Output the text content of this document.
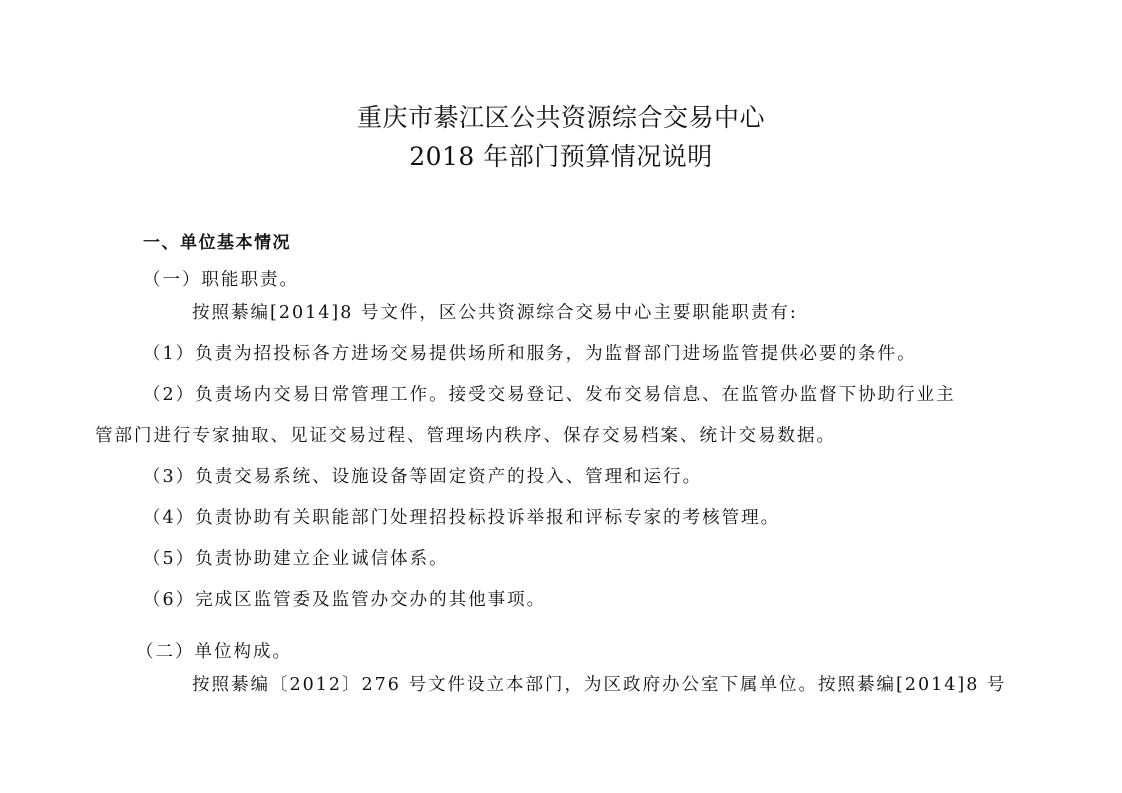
重庆市綦江区公共资源综合交易中心
2018 年部门预算情况说明
一、单位基本情况
（一）职能职责。
按照綦编[2014]8 号文件，区公共资源综合交易中心主要职能职责有:
（1）负责为招投标各方进场交易提供场所和服务，为监督部门进场监管提供必要的条件。
（2）负责场内交易日常管理工作。接受交易登记、发布交易信息、在监管办监督下协助行业主
管部门进行专家抽取、见证交易过程、管理场内秩序、保存交易档案、统计交易数据。
（3）负责交易系统、设施设备等固定资产的投入、管理和运行。
（4）负责协助有关职能部门处理招投标投诉举报和评标专家的考核管理。
（5）负责协助建立企业诚信体系。
（6）完成区监管委及监管办交办的其他事项。
（二）单位构成。
按照綦编〔2012〕276 号文件设立本部门，为区政府办公室下属单位。按照綦编[2014]8 号
